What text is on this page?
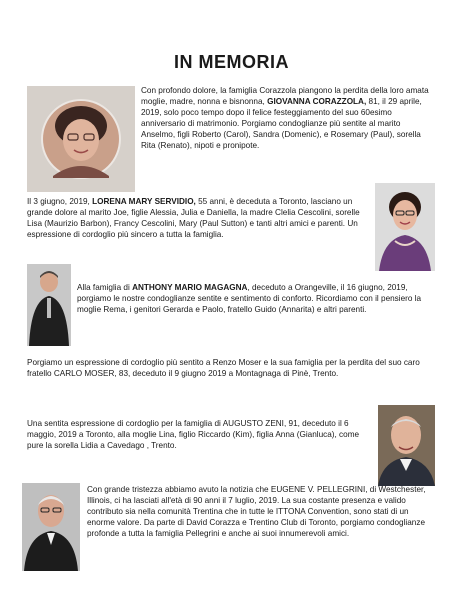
IN MEMORIA

Con profondo dolore, la famiglia Corazzola piangono la perdita della loro amata moglie, madre, nonna e bisnonna, GIOVANNA CORAZZOLA, 81, il 29 aprile, 2019, solo poco tempo dopo il felice festeggiamento del suo 60esimo anniversario di matrimonio. Porgiamo condoglianze più sentite al marito Anselmo, figli Roberto (Carol), Sandra (Domenic), e Rosemary (Paul), sorella Rita (Renato), nipoti e pronipote.

Il 3 giugno, 2019, LORENA MARY SERVIDIO, 55 anni, è deceduta a Toronto, lasciano un grande dolore al marito Joe, figlie Alessia, Julia e Daniella, la madre Clelia Cescolini, sorelle Lisa (Maurizio Barbon), Francy Cescolini, Mary (Paul Sutton) e tanti altri amici e parenti. Un espressione di cordoglio più sincero a tutta la famiglia.

Alla famiglia di ANTHONY MARIO MAGAGNA, deceduto a Orangeville, il 16 giugno, 2019, porgiamo le nostre condoglianze sentite e sentimento di conforto. Ricordiamo con il pensiero la moglie Rema, i genitori Gerarda e Paolo, fratello Guido (Annarita) e altri parenti.

Porgiamo un espressione di cordoglio più sentito a Renzo Moser e la sua famiglia per la perdita del suo caro fratello CARLO MOSER, 83, deceduto il 9 giugno 2019 a Montagnaga di Pinè, Trento.

Una sentita espressione di cordoglio per la famiglia di AUGUSTO ZENI, 91, deceduto il 6 maggio, 2019 a Toronto, alla moglie Lina, figlio Riccardo (Kim), figlia Anna (Gianluca), come pure la sorella Lidia a Cavedago , Trento.

Con grande tristezza abbiamo avuto la notizia che EUGENE V. PELLEGRINI, di Westchester, Illinois, ci ha lasciati all'età di 90 anni il 7 luglio, 2019. La sua costante presenza e valido contributo sia nella comunità Trentina che in tutte le ITTONA Convention, sono stati di un enorme valore. Da parte di David Corazza e Trentino Club di Toronto, porgiamo condoglianze profonde a tutta la famiglia Pellegrini e anche ai suoi innumerevoli amici.
